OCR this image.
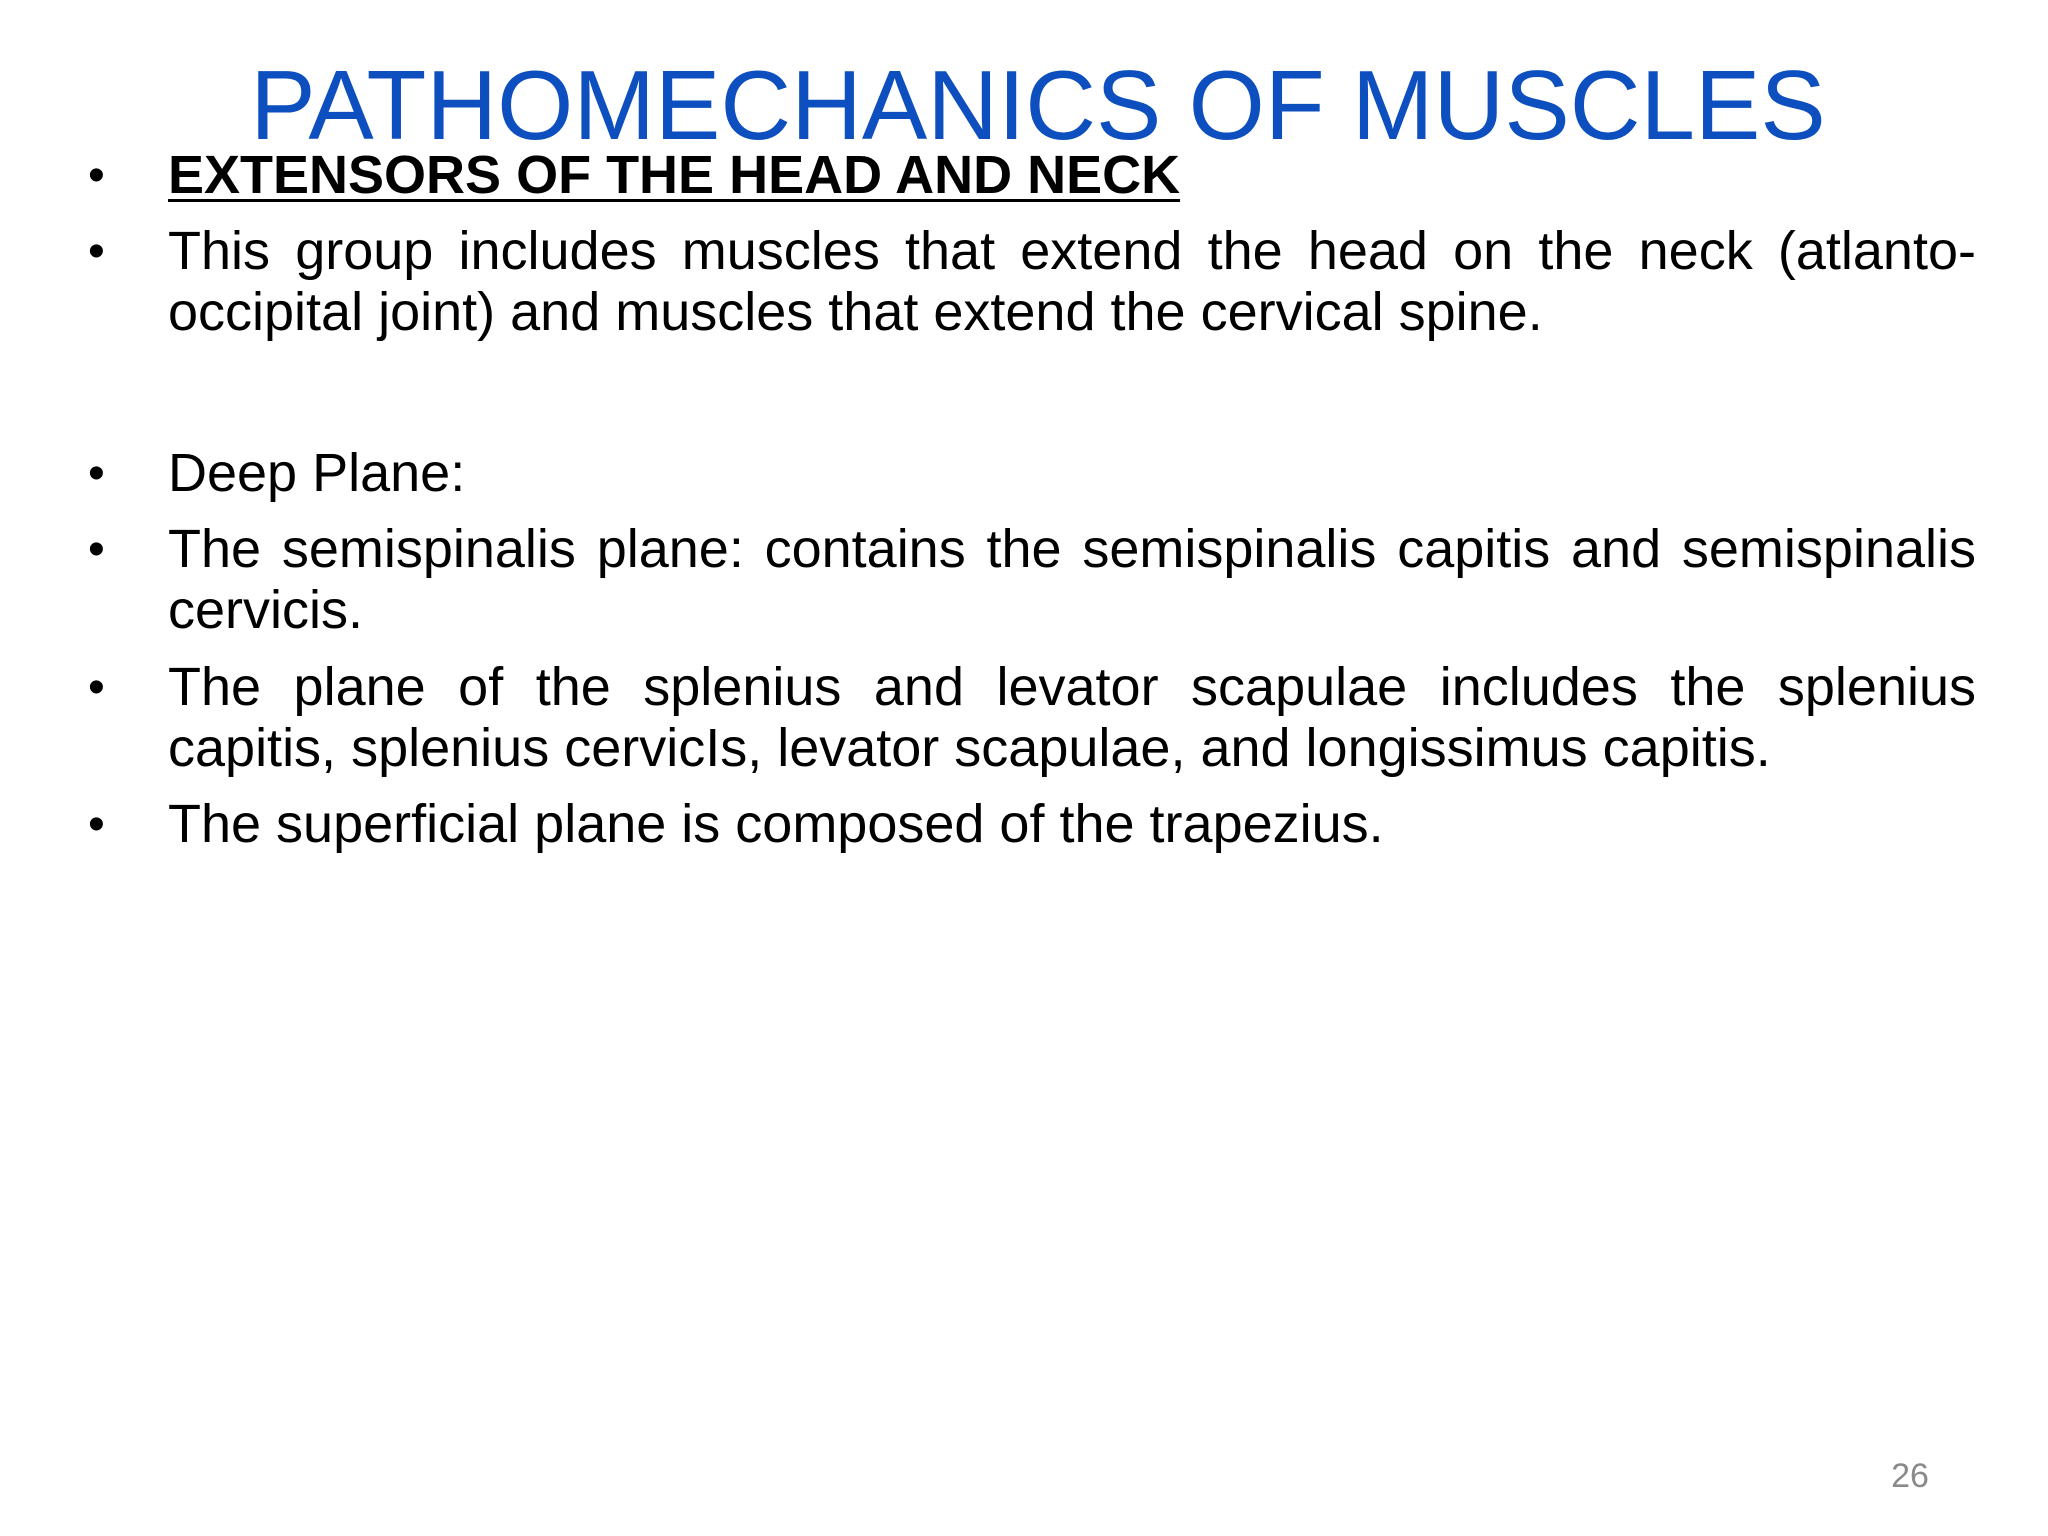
PATHOMECHANICS OF MUSCLES
•	EXTENSORS OF THE HEAD AND NECK
•	This group includes muscles that extend the head on the neck (atlanto-occipital joint) and muscles that extend the cervical spine.
•	Deep Plane:
•	The semispinalis plane: contains the semispinalis capitis and semispinalis cervicis.
•	The plane of the splenius and levator scapulae includes the splenius capitis, splenius cervicIs, levator scapulae, and longissimus capitis.
•	The superficial plane is composed of the trapezius.
26
